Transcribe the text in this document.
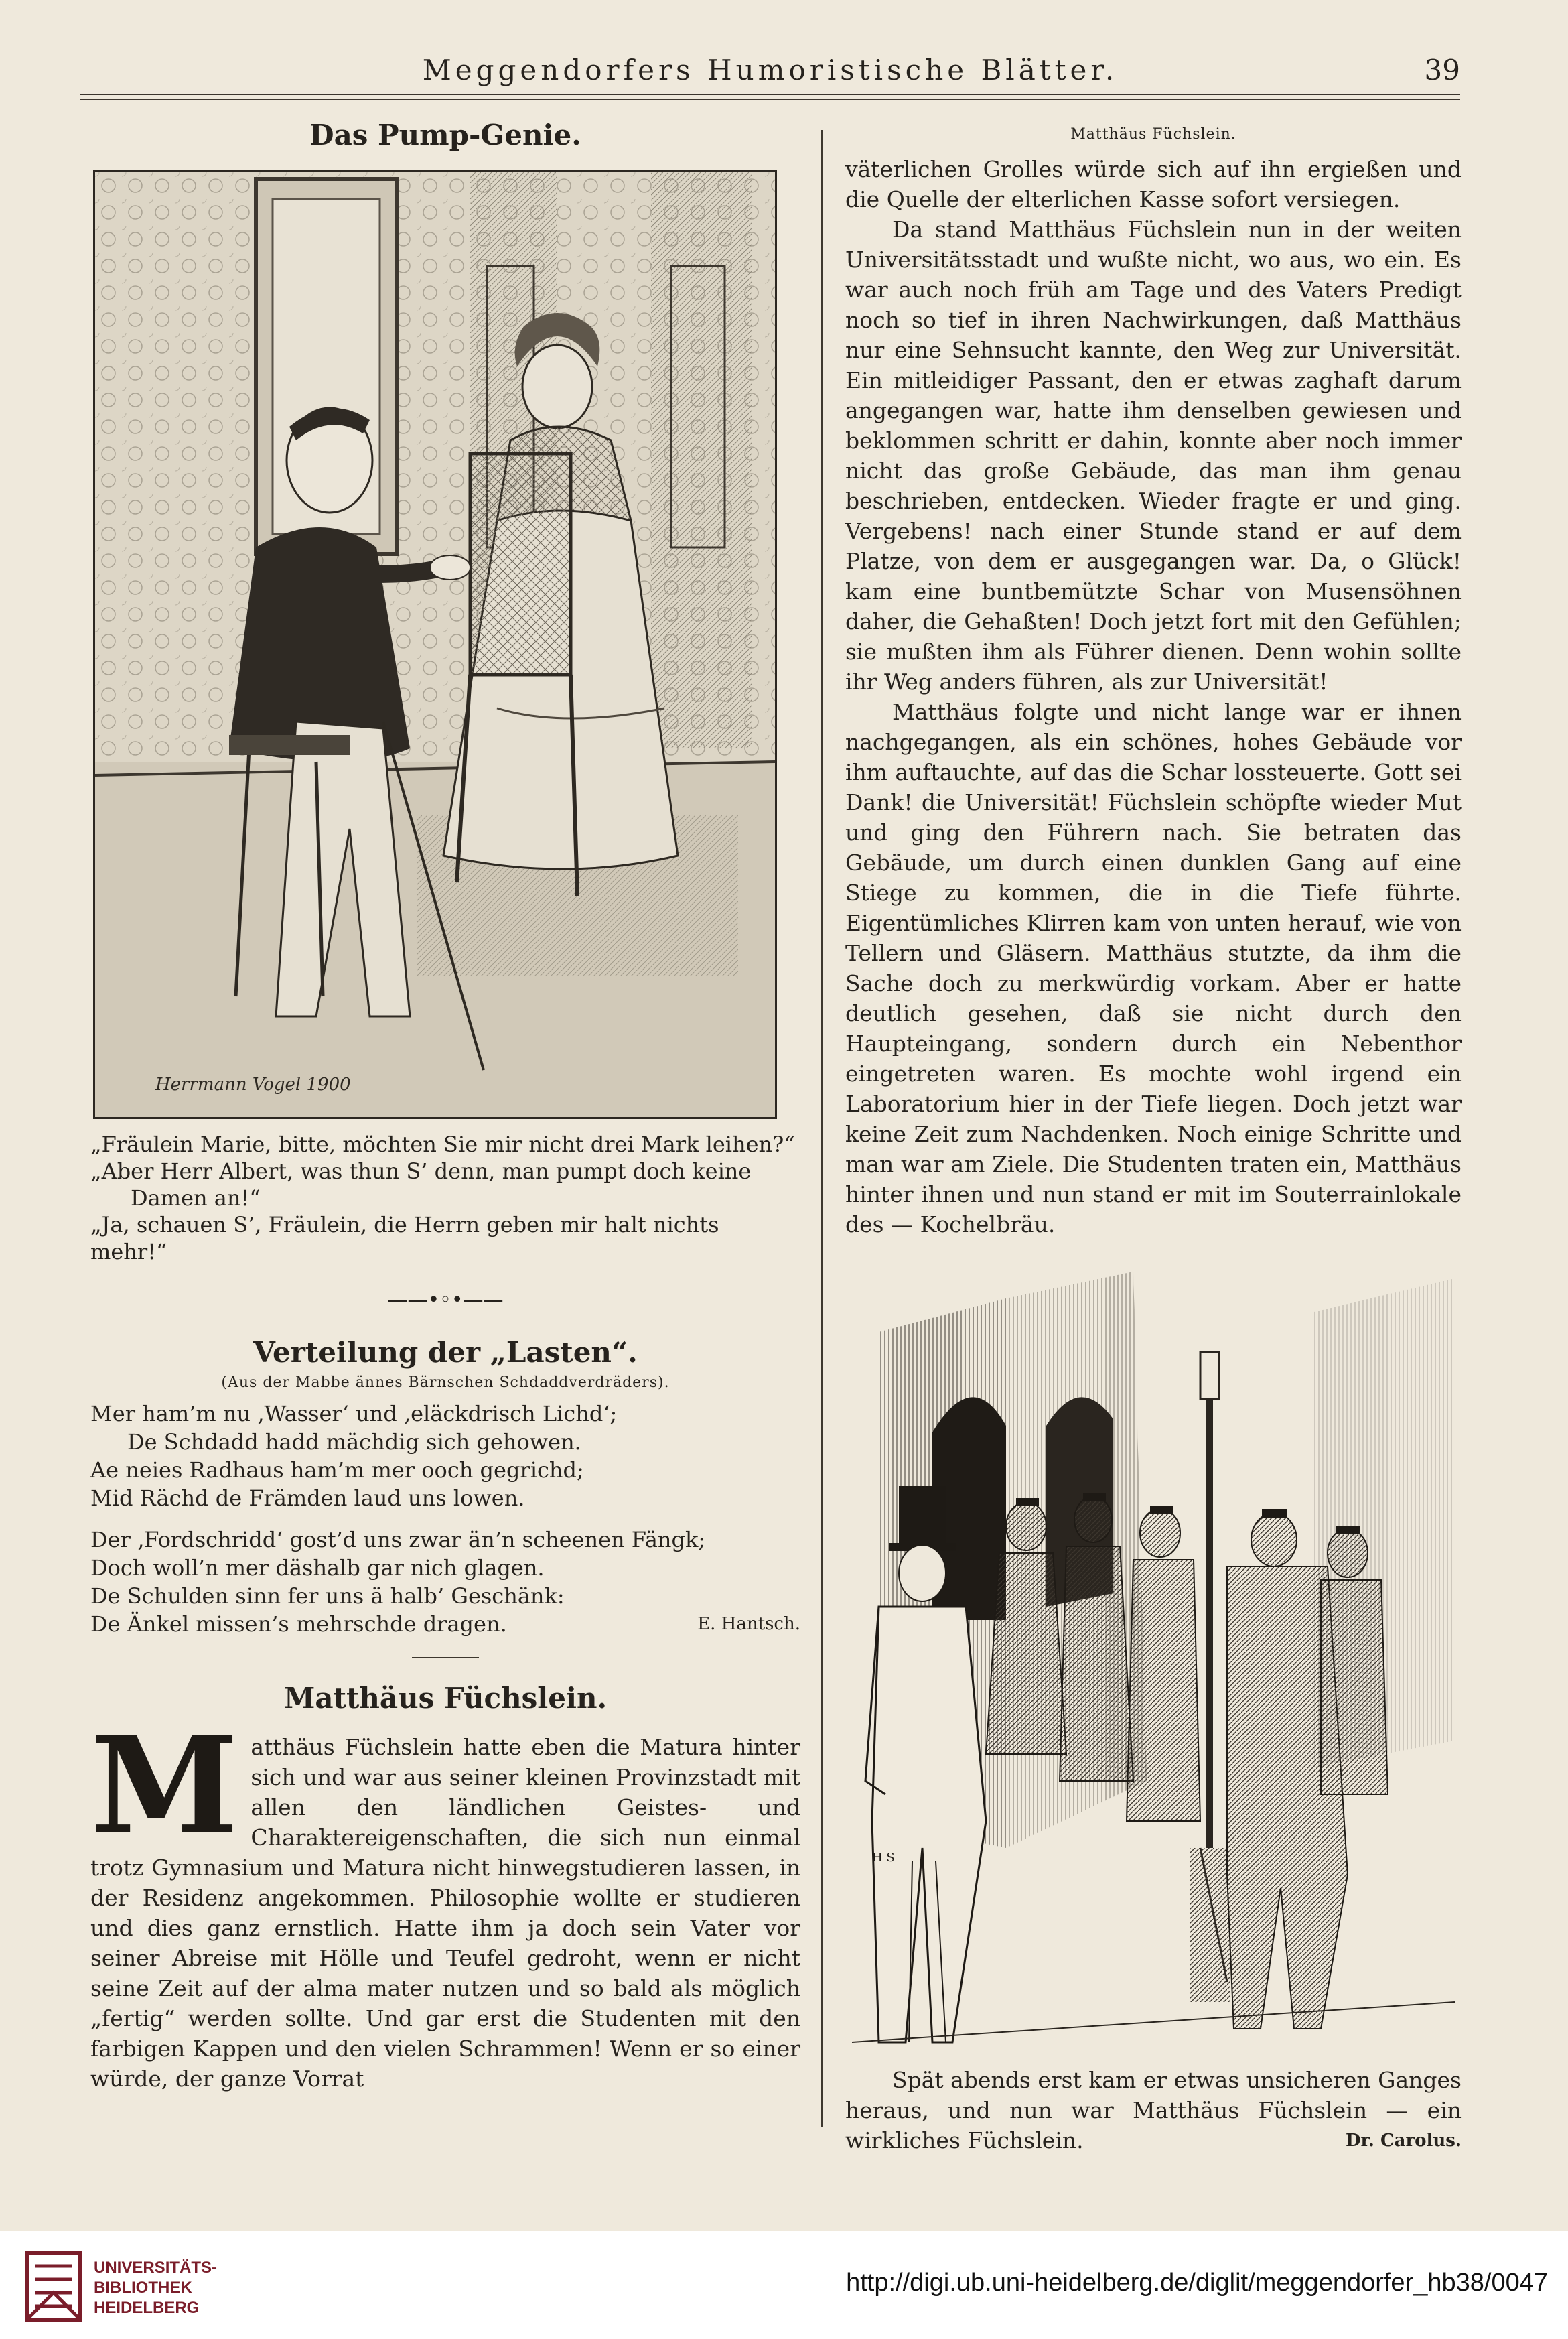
Meggendorfers Humoristische Blätter.	39
Das Pump-Genie.
Herrmann Vogel 1900
„Fräulein Marie, bitte, möchten Sie mir nicht drei Mark leihen?“
„Aber Herr Albert, was thun S’ denn, man pumpt doch keine
Damen an!“
„Ja, schauen S’, Fräulein, die Herrn geben mir halt nichts mehr!“
——•◦•——
Verteilung der „Lasten“.
(Aus der Mabbe ännes Bärnschen Schdaddverdräders).
Mer ham’m nu ‚Wasser‘ und ‚eläckdrisch Lichd‘;
De Schdadd hadd mächdig sich gehowen.
Ae neies Radhaus ham’m mer ooch gegrichd;
Mid Rächd de Främden laud uns lowen.
Der ‚Fordschridd‘ gost’d uns zwar än’n scheenen Fängk;
Doch woll’n mer däshalb gar nich glagen.
De Schulden sinn fer uns ä halb’ Geschänk:
De Änkel missen’s mehrschde dragen.	E. Hantsch.
Matthäus Füchslein.

M atthäus Füchslein hatte eben die Matura hinter sich und war aus seiner kleinen Provinzstadt mit allen den ländlichen Geistes- und Charaktereigenschaften, die sich nun einmal trotz Gymnasium und Matura nicht hinwegstudieren lassen, in der Residenz angekommen. Philosophie wollte er studieren und dies ganz ernstlich. Hatte ihm ja doch sein Vater vor seiner Abreise mit Hölle und Teufel gedroht, wenn er nicht seine Zeit auf der alma mater nutzen und so bald als möglich „fertig“ werden sollte. Und gar erst die Studenten mit den farbigen Kappen und den vielen Schrammen! Wenn er so einer würde, der ganze Vorrat

Matthäus Füchslein.

väterlichen Grolles würde sich auf ihn ergießen und die Quelle der elterlichen Kasse sofort versiegen.

Da stand Matthäus Füchslein nun in der weiten Universitätsstadt und wußte nicht, wo aus, wo ein. Es war auch noch früh am Tage und des Vaters Predigt noch so tief in ihren Nachwirkungen, daß Matthäus nur eine Sehnsucht kannte, den Weg zur Universität. Ein mitleidiger Passant, den er etwas zaghaft darum angegangen war, hatte ihm denselben gewiesen und beklommen schritt er dahin, konnte aber noch immer nicht das große Gebäude, das man ihm genau beschrieben, entdecken. Wieder fragte er und ging. Vergebens! nach einer Stunde stand er auf dem Platze, von dem er ausgegangen war. Da, o Glück! kam eine buntbemützte Schar von Musensöhnen daher, die Gehaßten! Doch jetzt fort mit den Gefühlen; sie mußten ihm als Führer dienen. Denn wohin sollte ihr Weg anders führen, als zur Universität!

Matthäus folgte und nicht lange war er ihnen nachgegangen, als ein schönes, hohes Gebäude vor ihm auftauchte, auf das die Schar lossteuerte. Gott sei Dank! die Universität! Füchslein schöpfte wieder Mut und ging den Führern nach. Sie betraten das Gebäude, um durch einen dunklen Gang auf eine Stiege zu kommen, die in die Tiefe führte. Eigentümliches Klirren kam von unten herauf, wie von Tellern und Gläsern. Matthäus stutzte, da ihm die Sache doch zu merkwürdig vorkam. Aber er hatte deutlich gesehen, daß sie nicht durch den Haupteingang, sondern durch ein Nebenthor eingetreten waren. Es mochte wohl irgend ein Laboratorium hier in der Tiefe liegen. Doch jetzt war keine Zeit zum Nachdenken. Noch einige Schritte und man war am Ziele. Die Studenten traten ein, Matthäus hinter ihnen und nun stand er mit im Souterrainlokale des — Kochelbräu.

H S

Spät abends erst kam er etwas unsicheren Ganges heraus, und nun war Matthäus Füchslein — ein wirkliches Füchslein.	Dr. Carolus.
UNIVERSITÄTS-
BIBLIOTHEK
HEIDELBERG
http://digi.ub.uni-heidelberg.de/diglit/meggendorfer_hb38/0047
